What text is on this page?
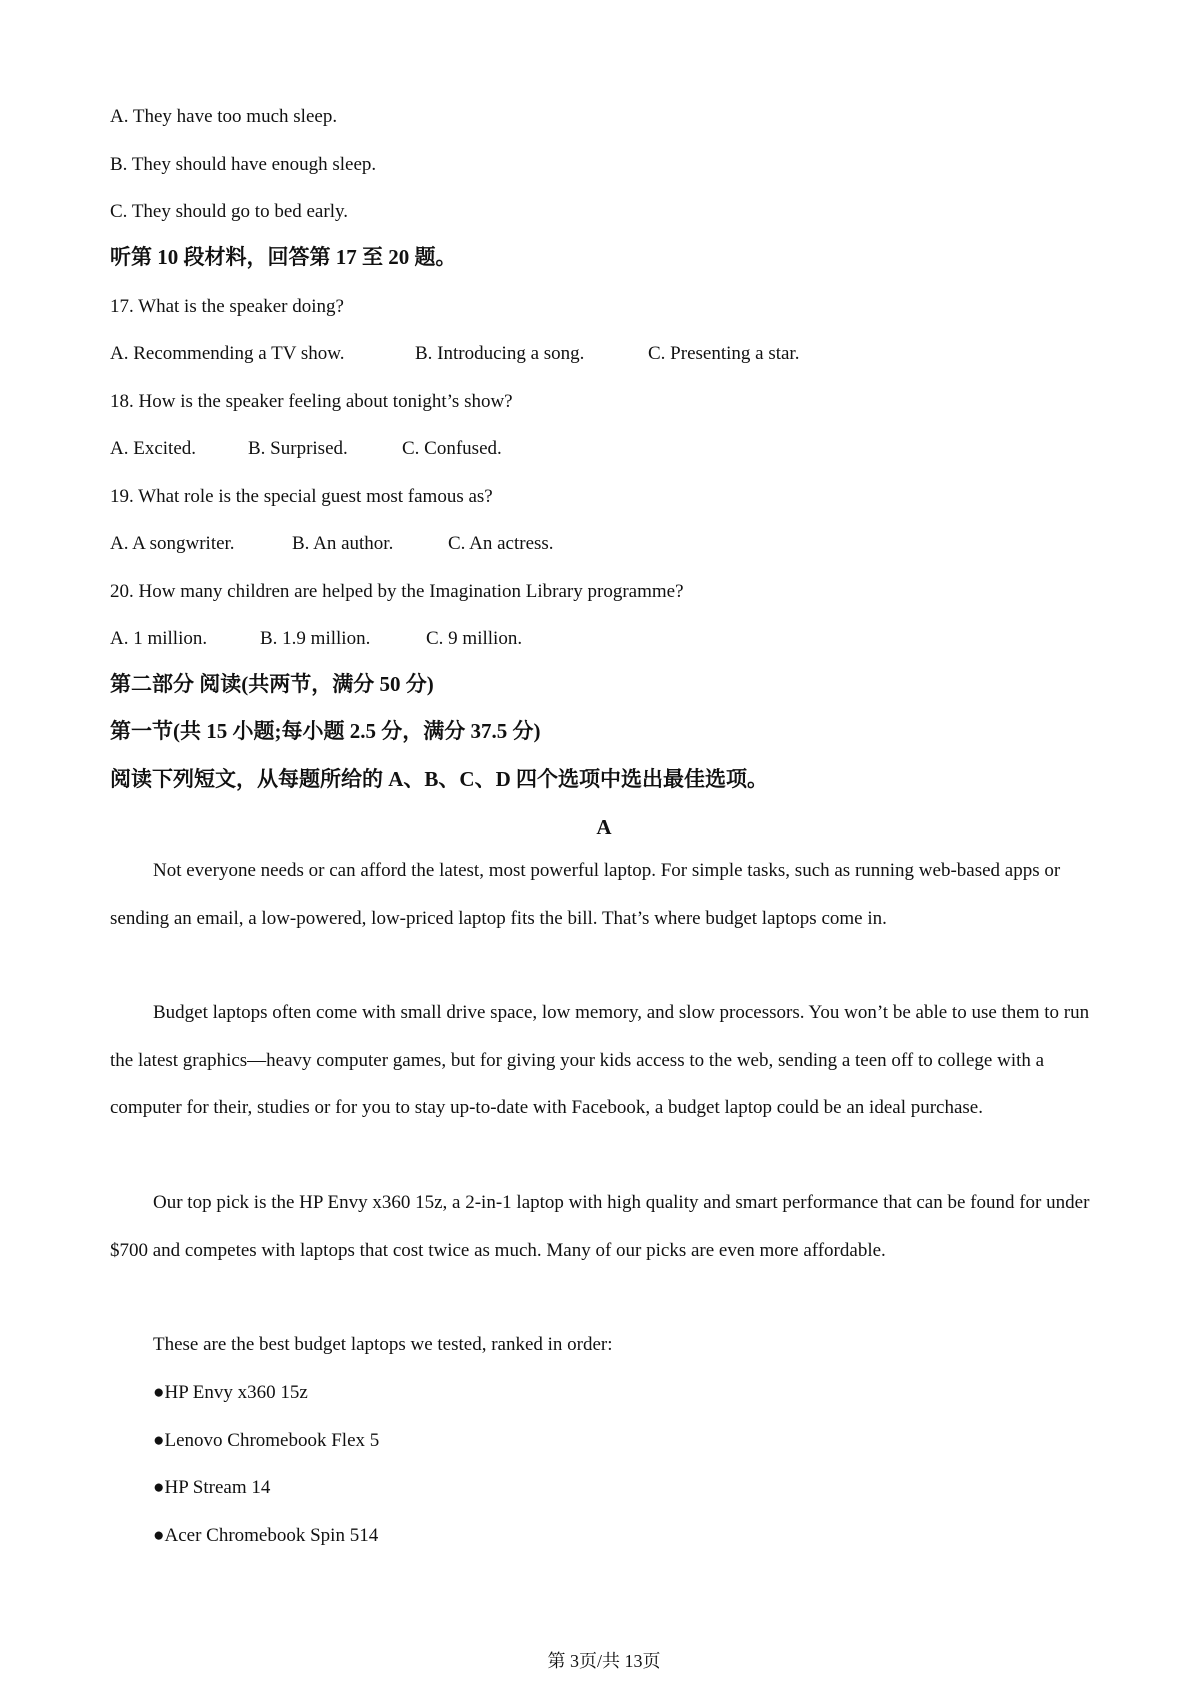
A. They have too much sleep.
B. They should have enough sleep.
C. They should go to bed early.
听第 10 段材料，回答第 17 至 20 题。
17. What is the speaker doing?
A. Recommending a TV show.	B. Introducing a song.	C. Presenting a star.
18. How is the speaker feeling about tonight’s show?
A. Excited.	B. Surprised.	C. Confused.
19. What role is the special guest most famous as?
A. A songwriter.	B. An author.	C. An actress.
20. How many children are helped by the Imagination Library programme?
A. 1 million.	B. 1.9 million.	C. 9 million.
第二部分 阅读(共两节，满分 50 分)
第一节(共 15 小题;每小题 2.5 分，满分 37.5 分)
阅读下列短文，从每题所给的 A、B、C、D 四个选项中选出最佳选项。
A

Not everyone needs or can afford the latest, most powerful laptop. For simple tasks, such as running web-based apps or sending an email, a low-powered, low-priced laptop fits the bill. That’s where budget laptops come in.

Budget laptops often come with small drive space, low memory, and slow processors. You won’t be able to use them to run the latest graphics—heavy computer games, but for giving your kids access to the web, sending a teen off to college with a computer for their, studies or for you to stay up-to-date with Facebook, a budget laptop could be an ideal purchase.

Our top pick is the HP Envy x360 15z, a 2-in-1 laptop with high quality and smart performance that can be found for under $700 and competes with laptops that cost twice as much. Many of our picks are even more affordable.

These are the best budget laptops we tested, ranked in order:

●HP Envy x360 15z
●Lenovo Chromebook Flex 5
●HP Stream 14
●Acer Chromebook Spin 514
第 3页/共 13页
